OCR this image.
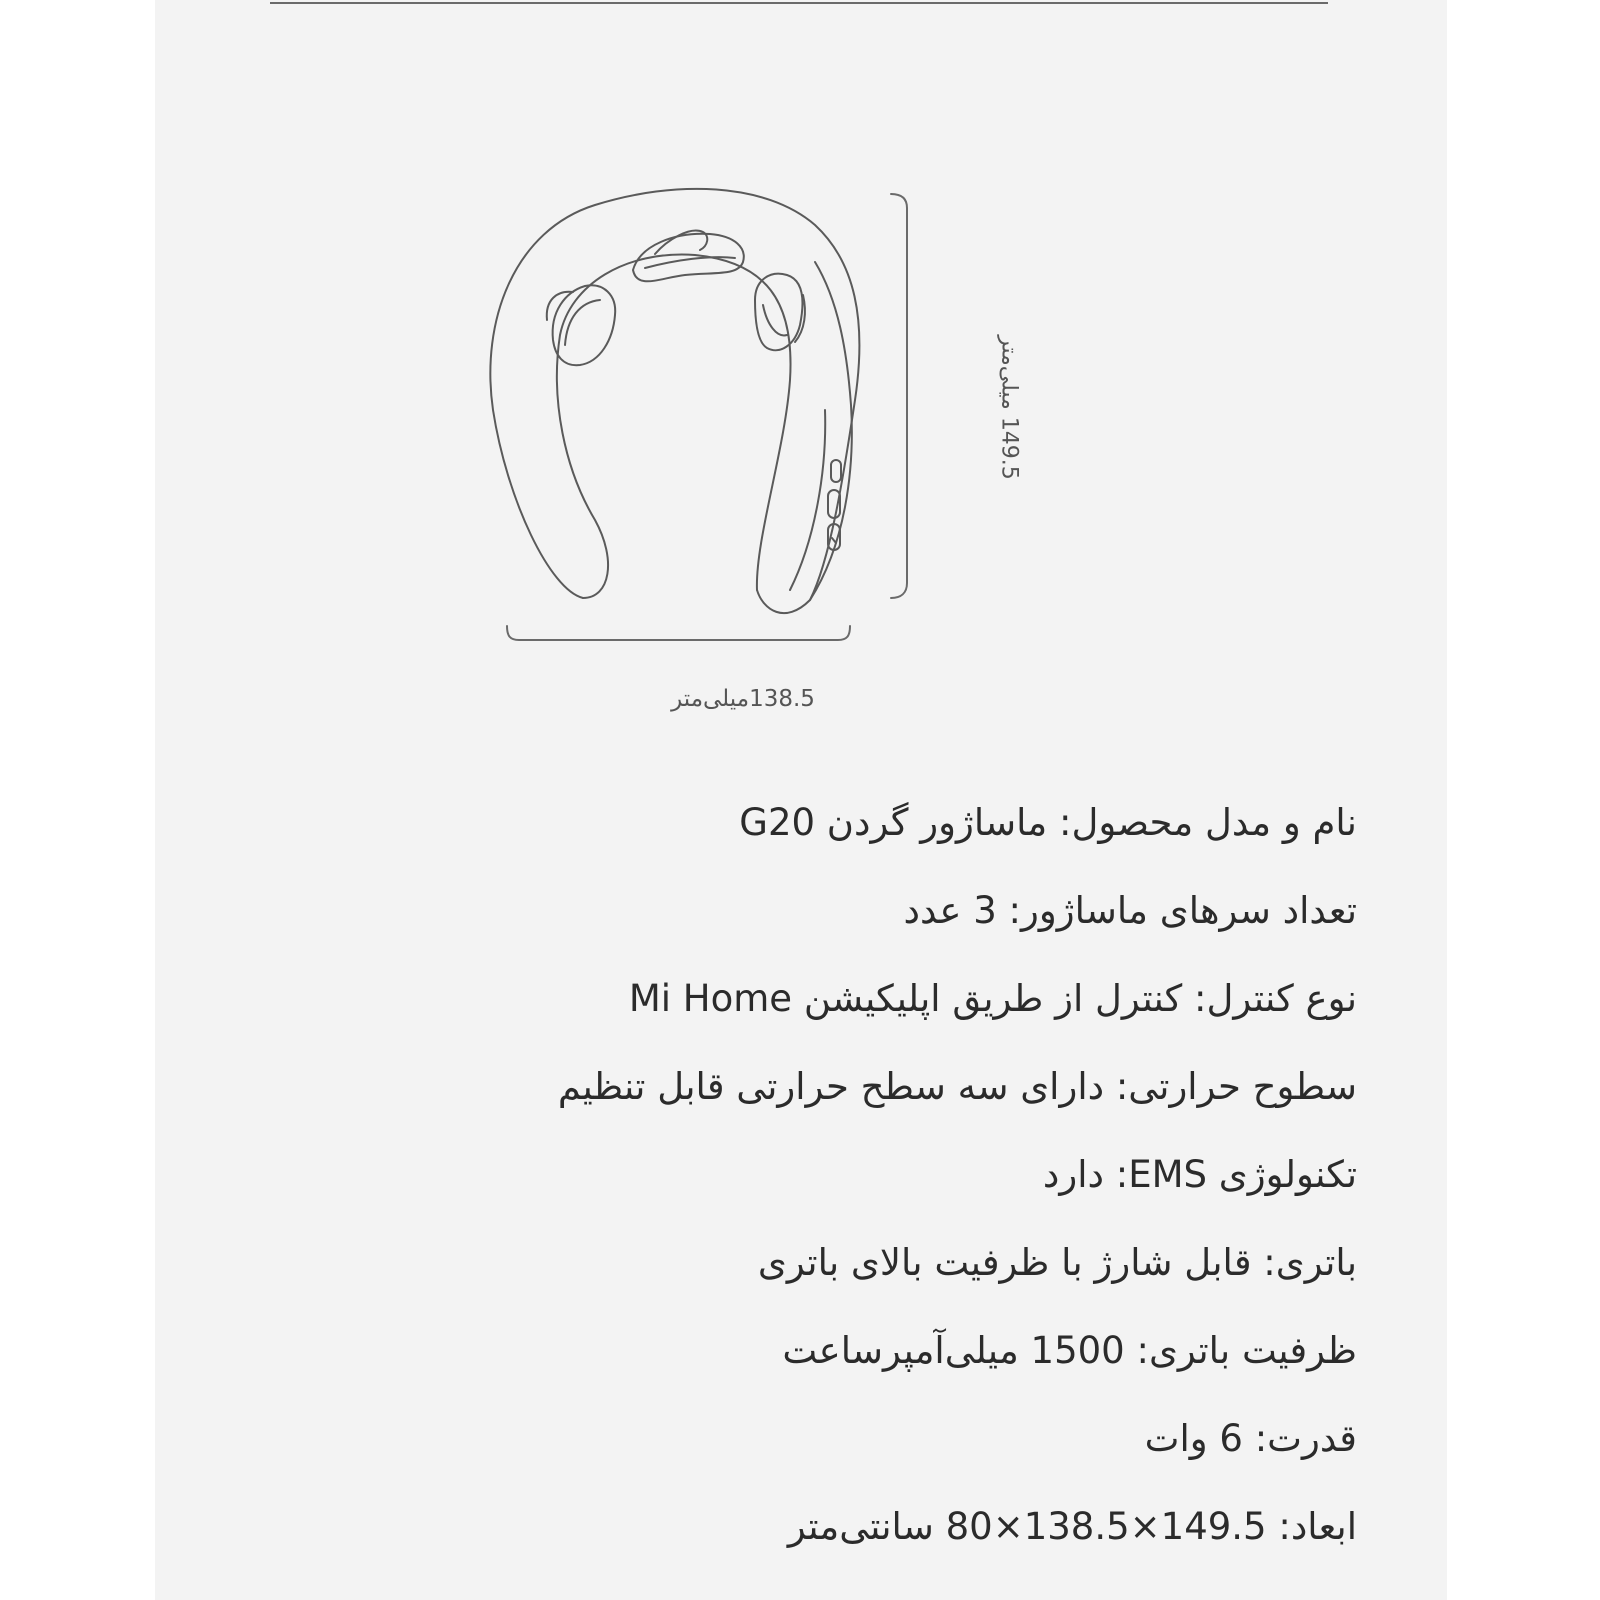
138.5میلی‌متر
149.5 میلی‌متر
نام و مدل محصول: ماساژور گردن G20
تعداد سرهای ماساژور: 3 عدد
نوع کنترل: کنترل از طریق اپلیکیشن Mi Home
سطوح حرارتی: دارای سه سطح حرارتی قابل تنظیم
تکنولوژی EMS: دارد
باتری: قابل شارژ با ظرفیت بالای باتری
ظرفیت باتری: 1500 میلی‌آمپرساعت
قدرت: 6 وات
ابعاد: 149.5×138.5×80 سانتی‌متر
